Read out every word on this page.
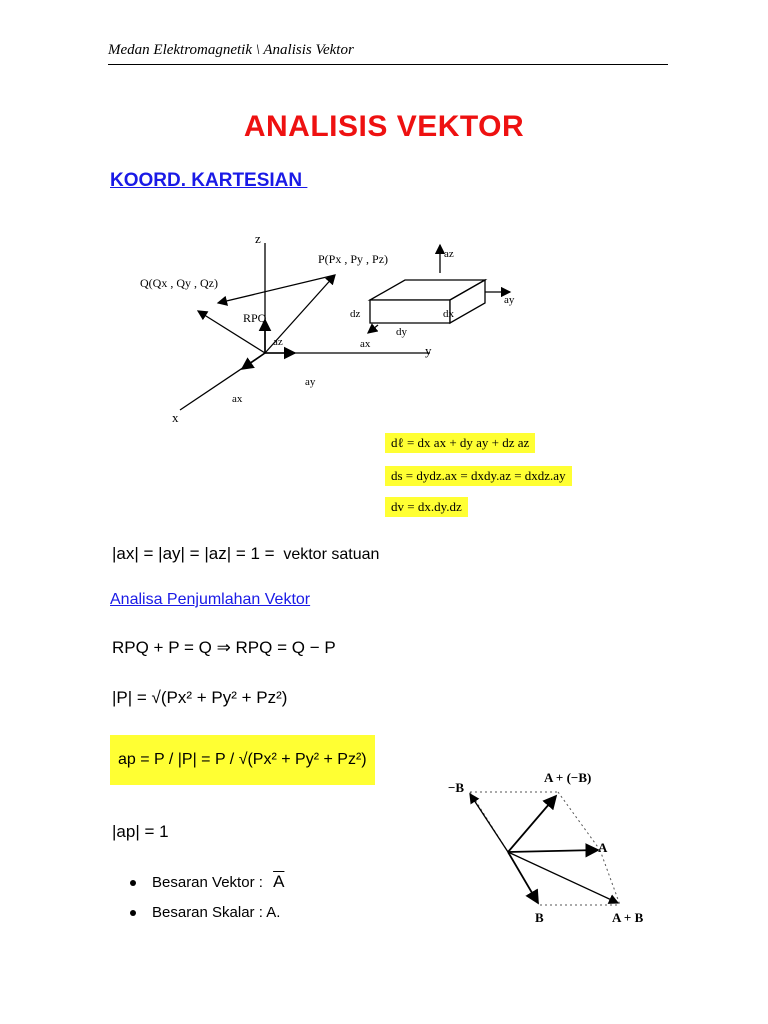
Medan Elektromagnetik \ Analisis Vektor
ANALISIS VEKTOR
KOORD. KARTESIAN
z
y
x
P(Px , Py , Pz)
Q(Qx , Qy , Qz)
RPQ
az
ay
ax
az
ay
ax
dz
dy
dx
dℓ = dx ax + dy ay + dz az
ds = dydz.ax = dxdy.az = dxdz.ay
dv = dx.dy.dz
|ax| = |ay| = |az| = 1 = vektor satuan
Analisa Penjumlahan Vektor
RPQ + P = Q ⇒ RPQ = Q − P
|P| = √(Px² + Py² + Pz²)
ap = P / |P| = P / √(Px² + Py² + Pz²)
|ap| = 1
Besaran Vektor : $\overline{A}$
Besaran Skalar : A.
−B
A + (−B)
A
B	A + B
